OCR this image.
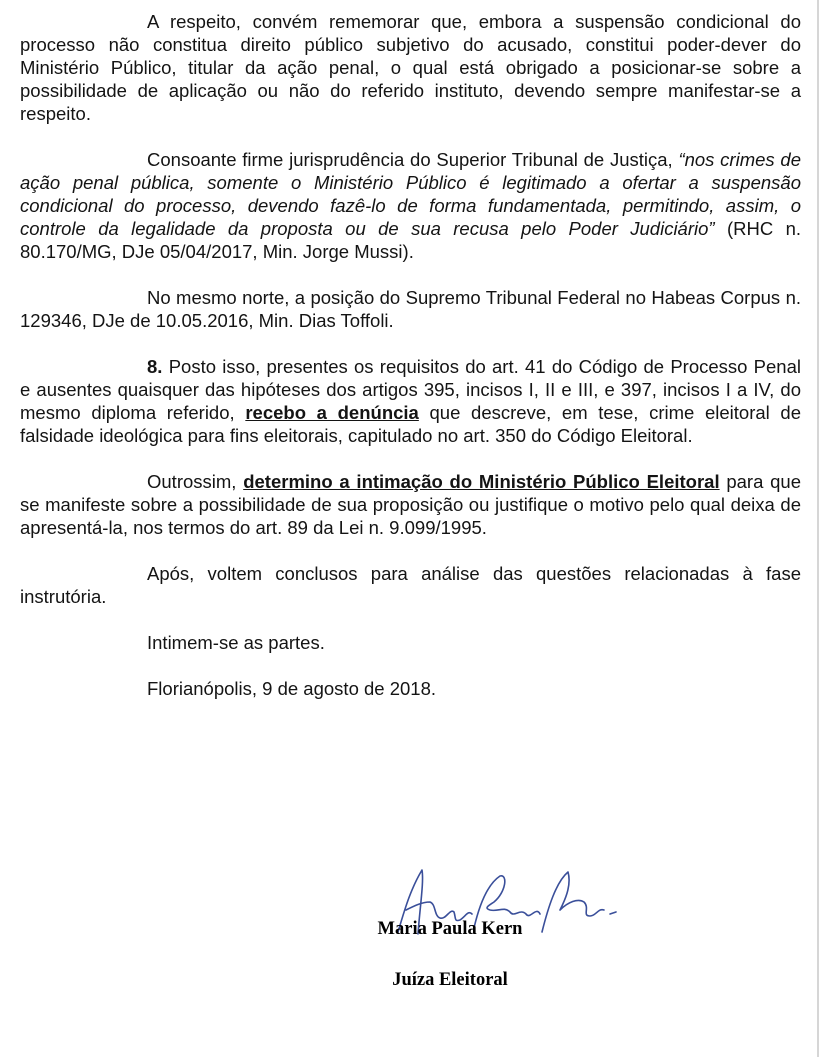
A respeito, convém rememorar que, embora a suspensão condicional do processo não constitua direito público subjetivo do acusado, constitui poder-dever do Ministério Público, titular da ação penal, o qual está obrigado a posicionar-se sobre a possibilidade de aplicação ou não do referido instituto, devendo sempre manifestar-se a respeito.

Consoante firme jurisprudência do Superior Tribunal de Justiça, “nos crimes de ação penal pública, somente o Ministério Público é legitimado a ofertar a suspensão condicional do processo, devendo fazê-lo de forma fundamentada, permitindo, assim, o controle da legalidade da proposta ou de sua recusa pelo Poder Judiciário” (RHC n. 80.170/MG, DJe 05/04/2017, Min. Jorge Mussi).

No mesmo norte, a posição do Supremo Tribunal Federal no Habeas Corpus n. 129346, DJe de 10.05.2016, Min. Dias Toffoli.

8. Posto isso, presentes os requisitos do art. 41 do Código de Processo Penal e ausentes quaisquer das hipóteses dos artigos 395, incisos I, II e III, e 397, incisos I a IV, do mesmo diploma referido, recebo a denúncia que descreve, em tese, crime eleitoral de falsidade ideológica para fins eleitorais, capitulado no art. 350 do Código Eleitoral.

Outrossim, determino a intimação do Ministério Público Eleitoral para que se manifeste sobre a possibilidade de sua proposição ou justifique o motivo pelo qual deixa de apresentá-la, nos termos do art. 89 da Lei n. 9.099/1995.

Após, voltem conclusos para análise das questões relacionadas à fase instrutória.

Intimem-se as partes.

Florianópolis, 9 de agosto de 2018.

Maria Paula Kern
Juíza Eleitoral
